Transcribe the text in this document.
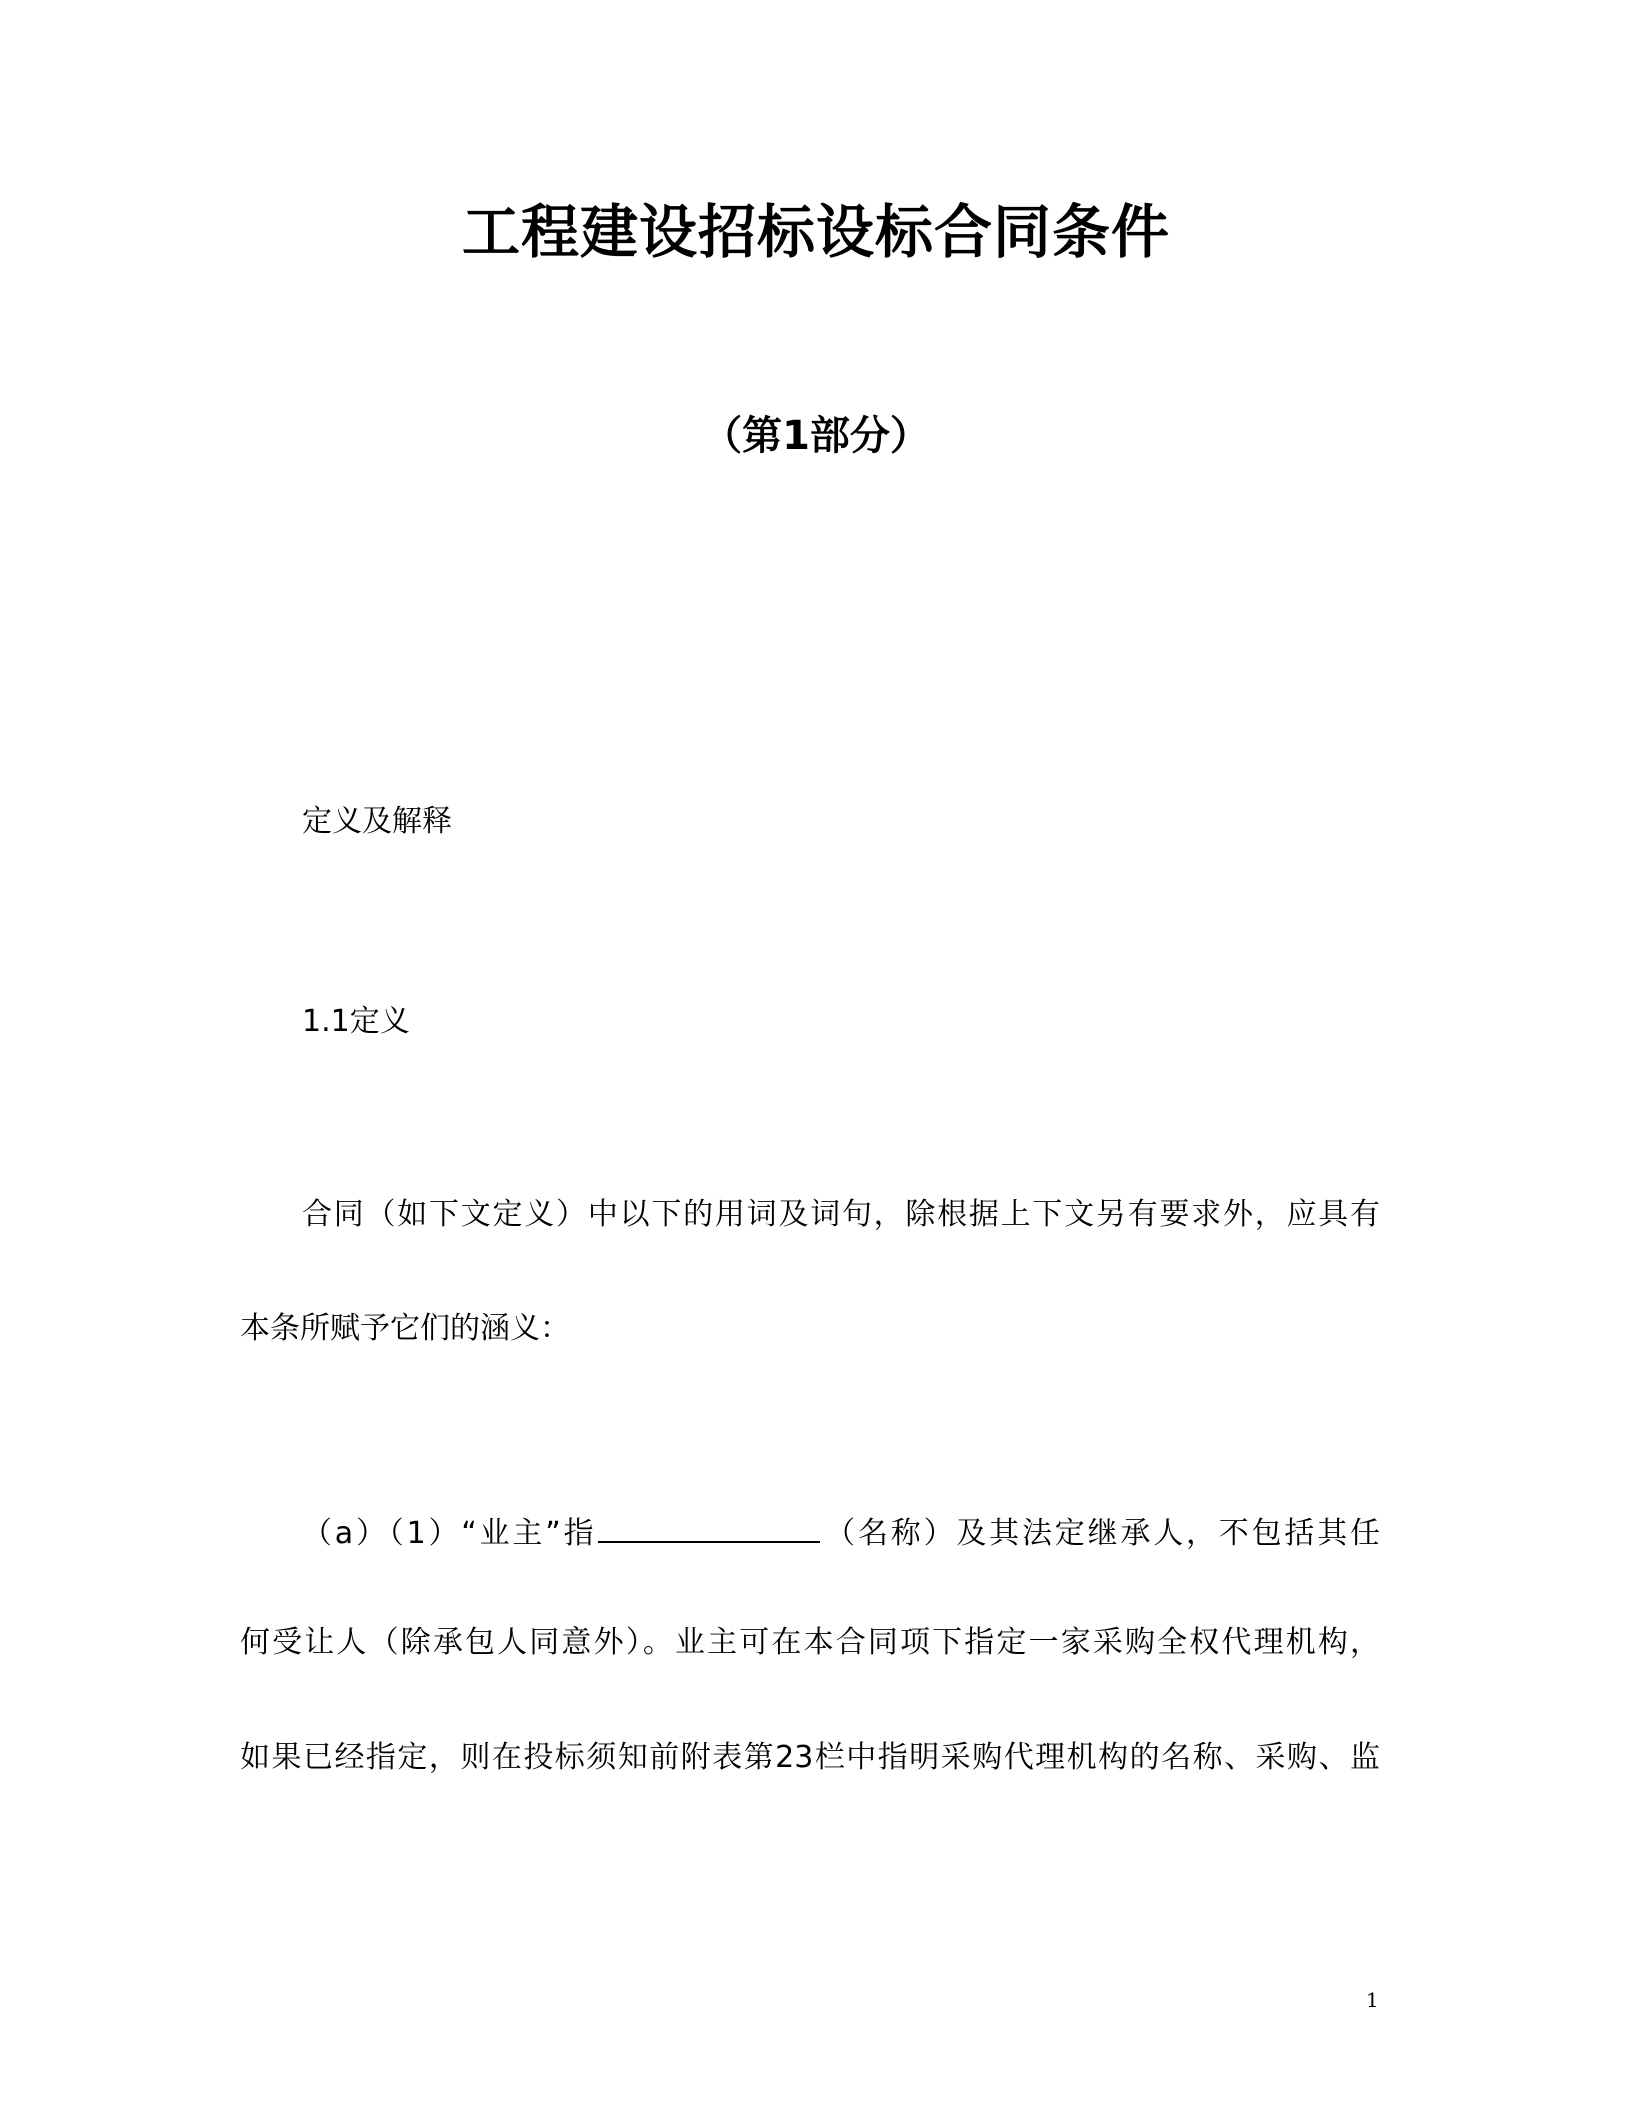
工程建设招标设标合同条件
（第1部分）
定义及解释
1.1定义
合同（如下文定义）中以下的用词及词句，除根据上下文另有要求外，应具有
本条所赋予它们的涵义：
（a）（1）“业主”指	（名称）及其法定继承人，不包括其任
何受让人（除承包人同意外）。业主可在本合同项下指定一家采购全权代理机构，
如果已经指定，则在投标须知前附表第23栏中指明采购代理机构的名称、采购、监
1
